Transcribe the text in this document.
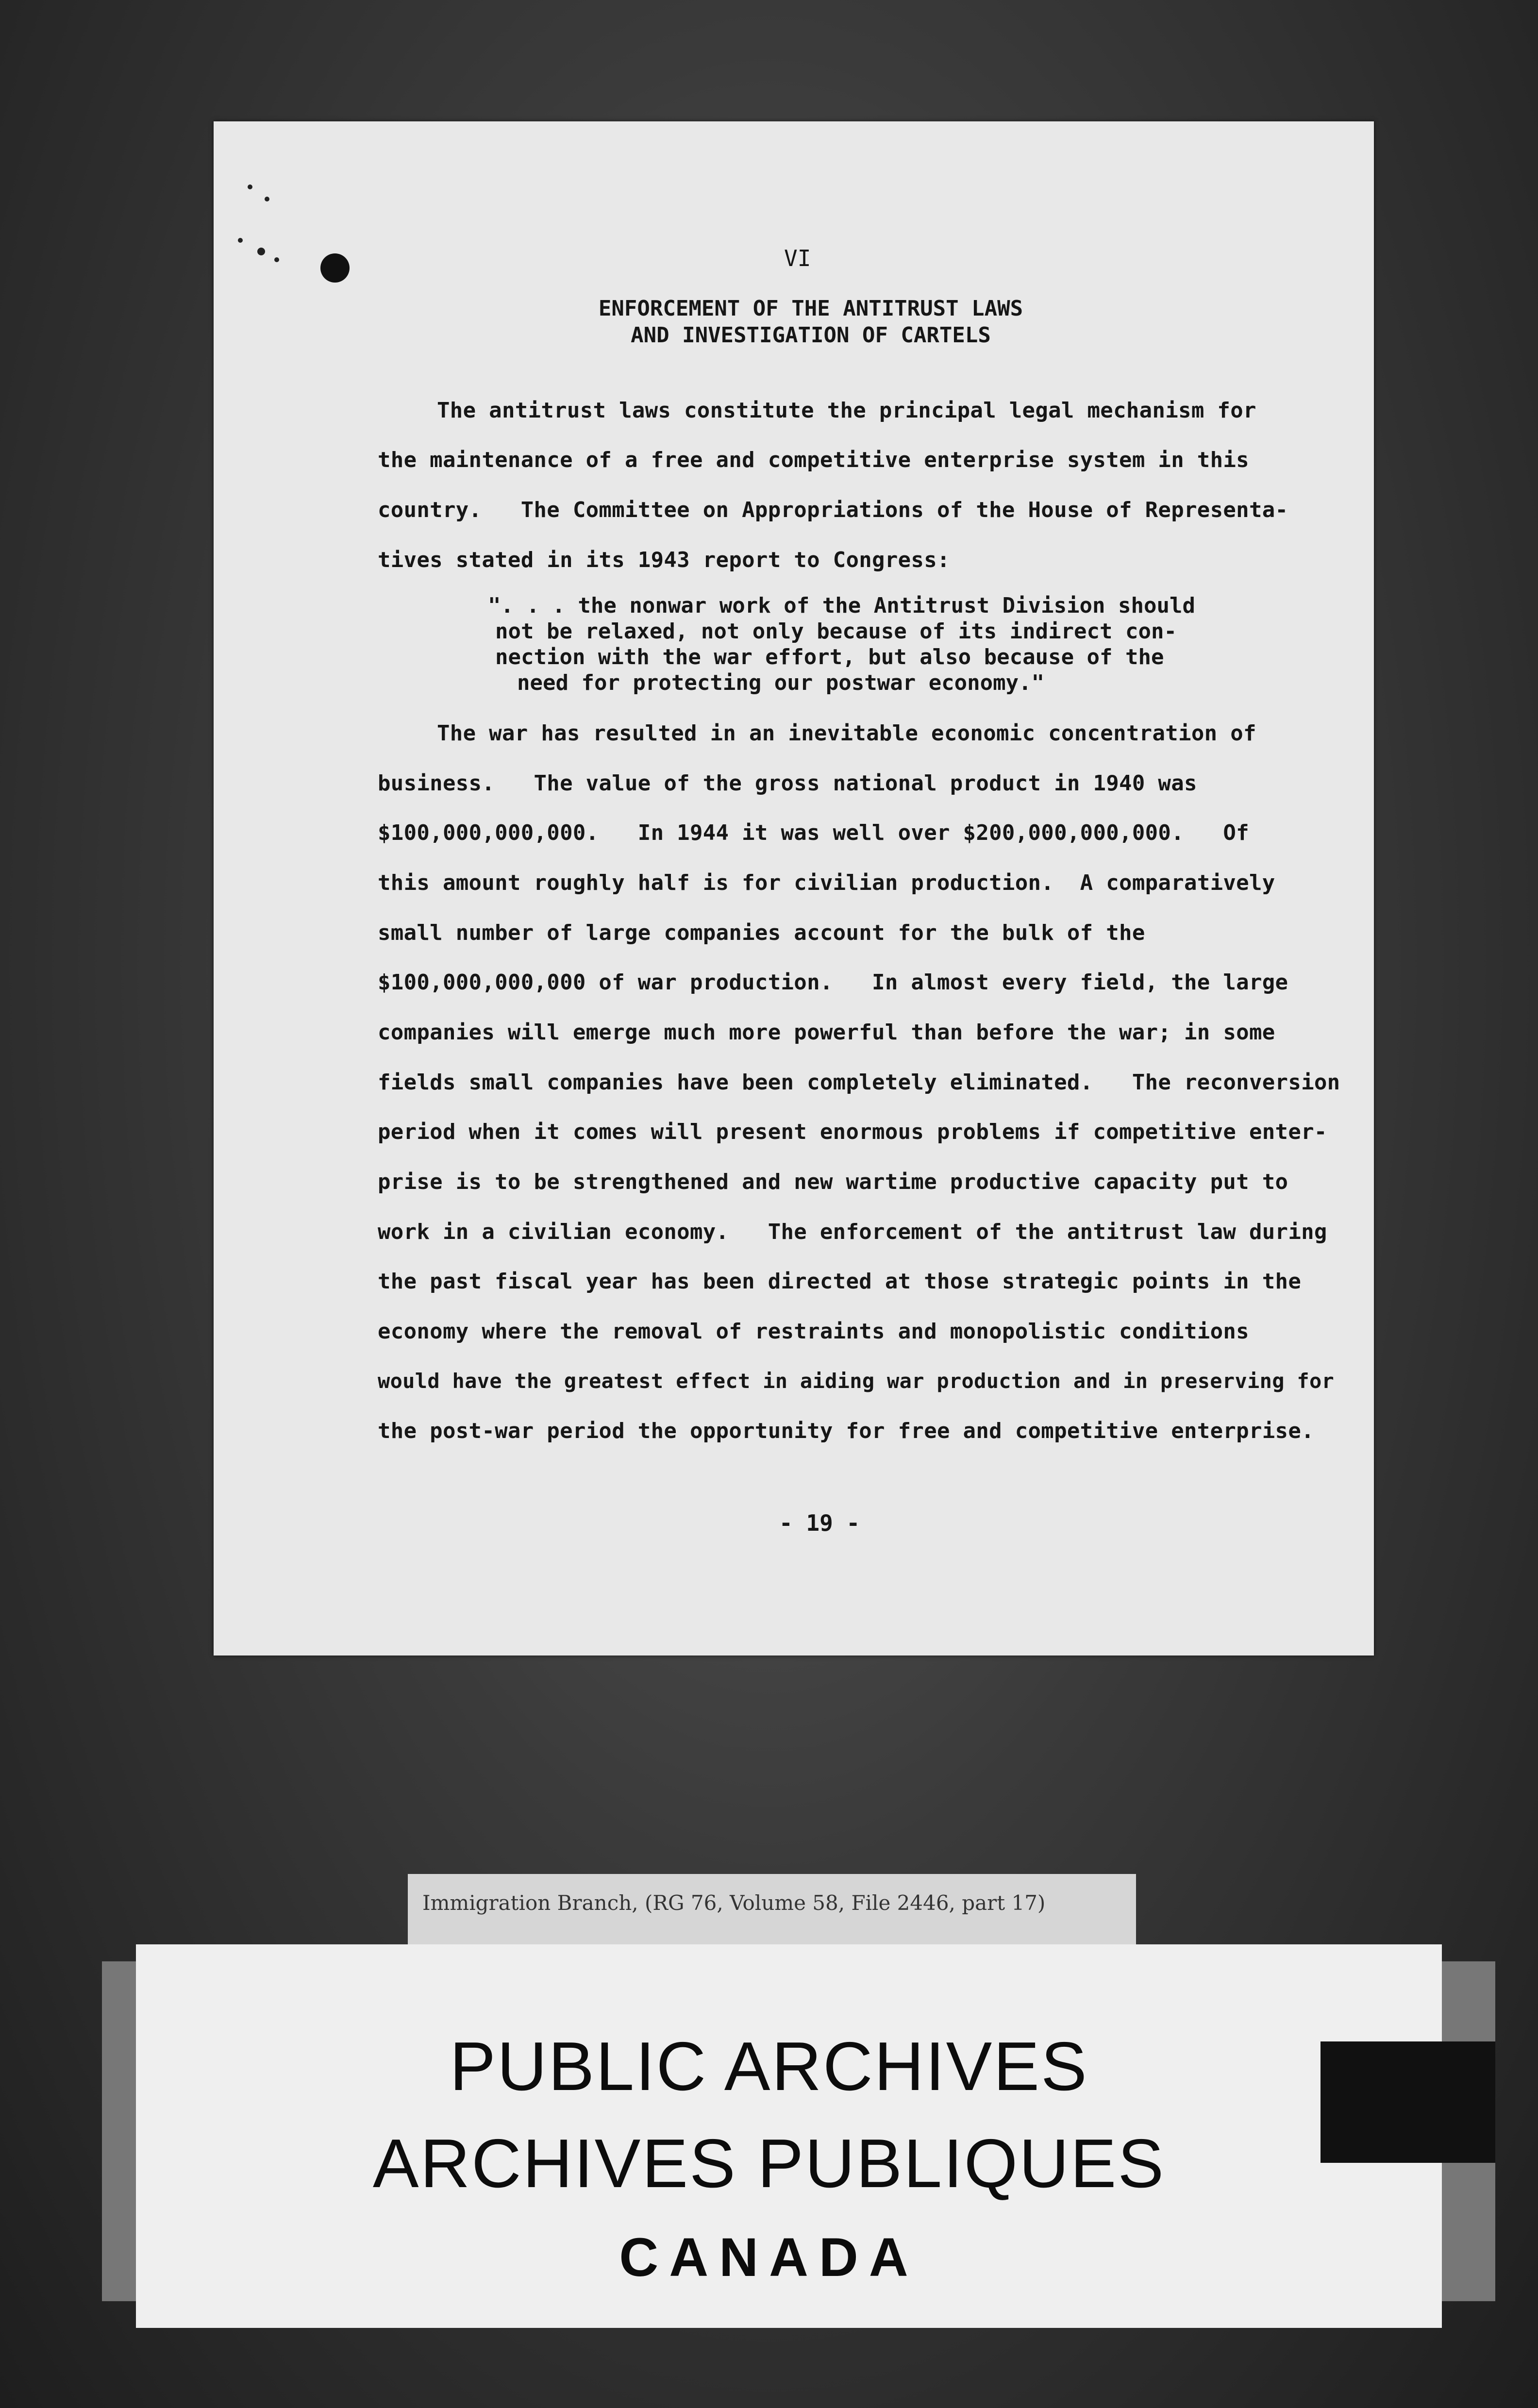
VI
ENFORCEMENT OF THE ANTITRUST LAWS
AND INVESTIGATION OF CARTELS
The antitrust laws constitute the principal legal mechanism for
the maintenance of a free and competitive enterprise system in this
country.   The Committee on Appropriations of the House of Representa-
tives stated in its 1943 report to Congress:
". . . the nonwar work of the Antitrust Division should
not be relaxed, not only because of its indirect con-
nection with the war effort, but also because of the
need for protecting our postwar economy."
The war has resulted in an inevitable economic concentration of
business.   The value of the gross national product in 1940 was
$100,000,000,000.   In 1944 it was well over $200,000,000,000.   Of
this amount roughly half is for civilian production.  A comparatively
small number of large companies account for the bulk of the
$100,000,000,000 of war production.   In almost every field, the large
companies will emerge much more powerful than before the war; in some
fields small companies have been completely eliminated.   The reconversion
period when it comes will present enormous problems if competitive enter-
prise is to be strengthened and new wartime productive capacity put to
work in a civilian economy.   The enforcement of the antitrust law during
the past fiscal year has been directed at those strategic points in the
economy where the removal of restraints and monopolistic conditions
would have the greatest effect in aiding war production and in preserving for
the post-war period the opportunity for free and competitive enterprise.
- 19 -
Immigration Branch, (RG 76, Volume 58, File 2446, part 17)
PUBLIC ARCHIVES
ARCHIVES PUBLIQUES
CANADA
